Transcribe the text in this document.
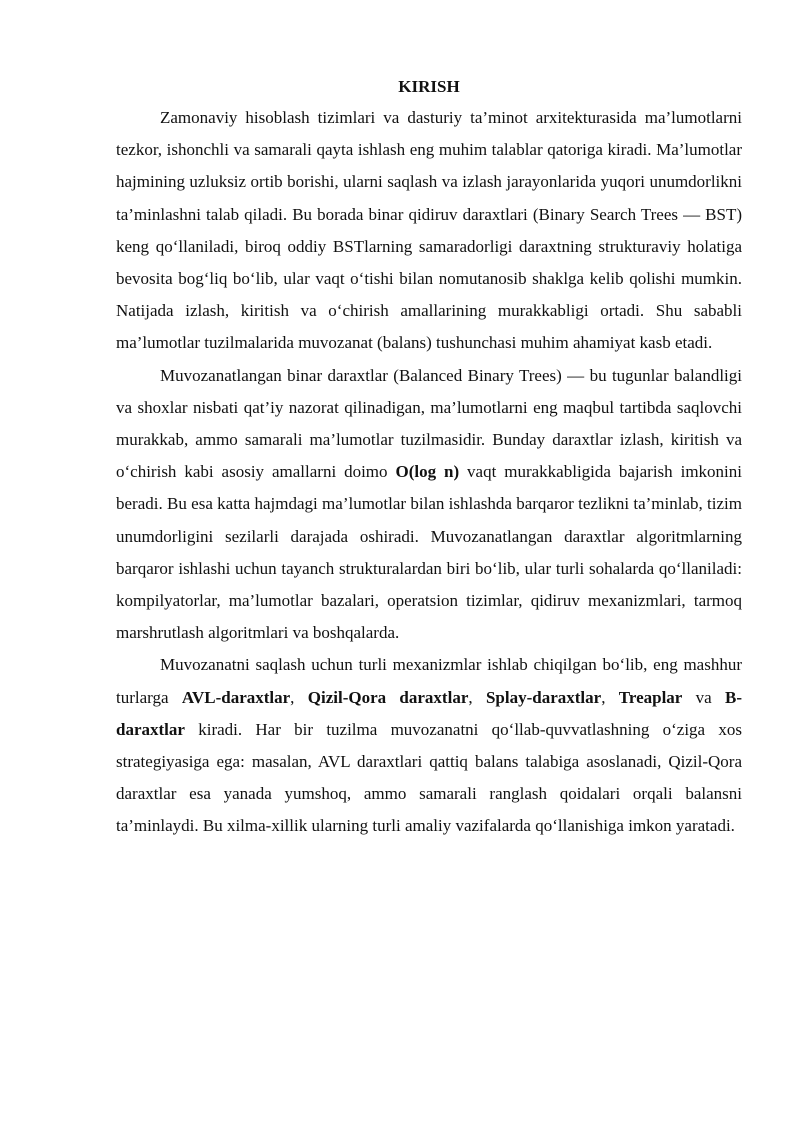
KIRISH

Zamonaviy hisoblash tizimlari va dasturiy ta’minot arxitekturasida ma’lumotlarni tezkor, ishonchli va samarali qayta ishlash eng muhim talablar qatoriga kiradi. Ma’lumotlar hajmining uzluksiz ortib borishi, ularni saqlash va izlash jarayonlarida yuqori unumdorlikni ta’minlashni talab qiladi. Bu borada binar qidiruv daraxtlari (Binary Search Trees — BST) keng qo‘llaniladi, biroq oddiy BSTlarning samaradorligi daraxtning strukturaviy holatiga bevosita bog‘liq bo‘lib, ular vaqt o‘tishi bilan nomutanosib shaklga kelib qolishi mumkin. Natijada izlash, kiritish va o‘chirish amallarining murakkabligi ortadi. Shu sababli ma’lumotlar tuzilmalarida muvozanat (balans) tushunchasi muhim ahamiyat kasb etadi.

Muvozanatlangan binar daraxtlar (Balanced Binary Trees) — bu tugunlar balandligi va shoxlar nisbati qat’iy nazorat qilinadigan, ma’lumotlarni eng maqbul tartibda saqlovchi murakkab, ammo samarali ma’lumotlar tuzilmasidir. Bunday daraxtlar izlash, kiritish va o‘chirish kabi asosiy amallarni doimo O(log n) vaqt murakkabligida bajarish imkonini beradi. Bu esa katta hajmdagi ma’lumotlar bilan ishlashda barqaror tezlikni ta’minlab, tizim unumdorligini sezilarli darajada oshiradi. Muvozanatlangan daraxtlar algoritmlarning barqaror ishlashi uchun tayanch strukturalardan biri bo‘lib, ular turli sohalarda qo‘llaniladi: kompilyatorlar, ma’lumotlar bazalari, operatsion tizimlar, qidiruv mexanizmlari, tarmoq marshrutlash algoritmlari va boshqalarda.

Muvozanatni saqlash uchun turli mexanizmlar ishlab chiqilgan bo‘lib, eng mashhur turlarga AVL-daraxtlar, Qizil-Qora daraxtlar, Splay-daraxtlar, Treaplar va B-daraxtlar kiradi. Har bir tuzilma muvozanatni qo‘llab-quvvatlashning o‘ziga xos strategiyasiga ega: masalan, AVL daraxtlari qattiq balans talabiga asoslanadi, Qizil-Qora daraxtlar esa yanada yumshoq, ammo samarali ranglash qoidalari orqali balansni ta’minlaydi. Bu xilma-xillik ularning turli amaliy vazifalarda qo‘llanishiga imkon yaratadi.
